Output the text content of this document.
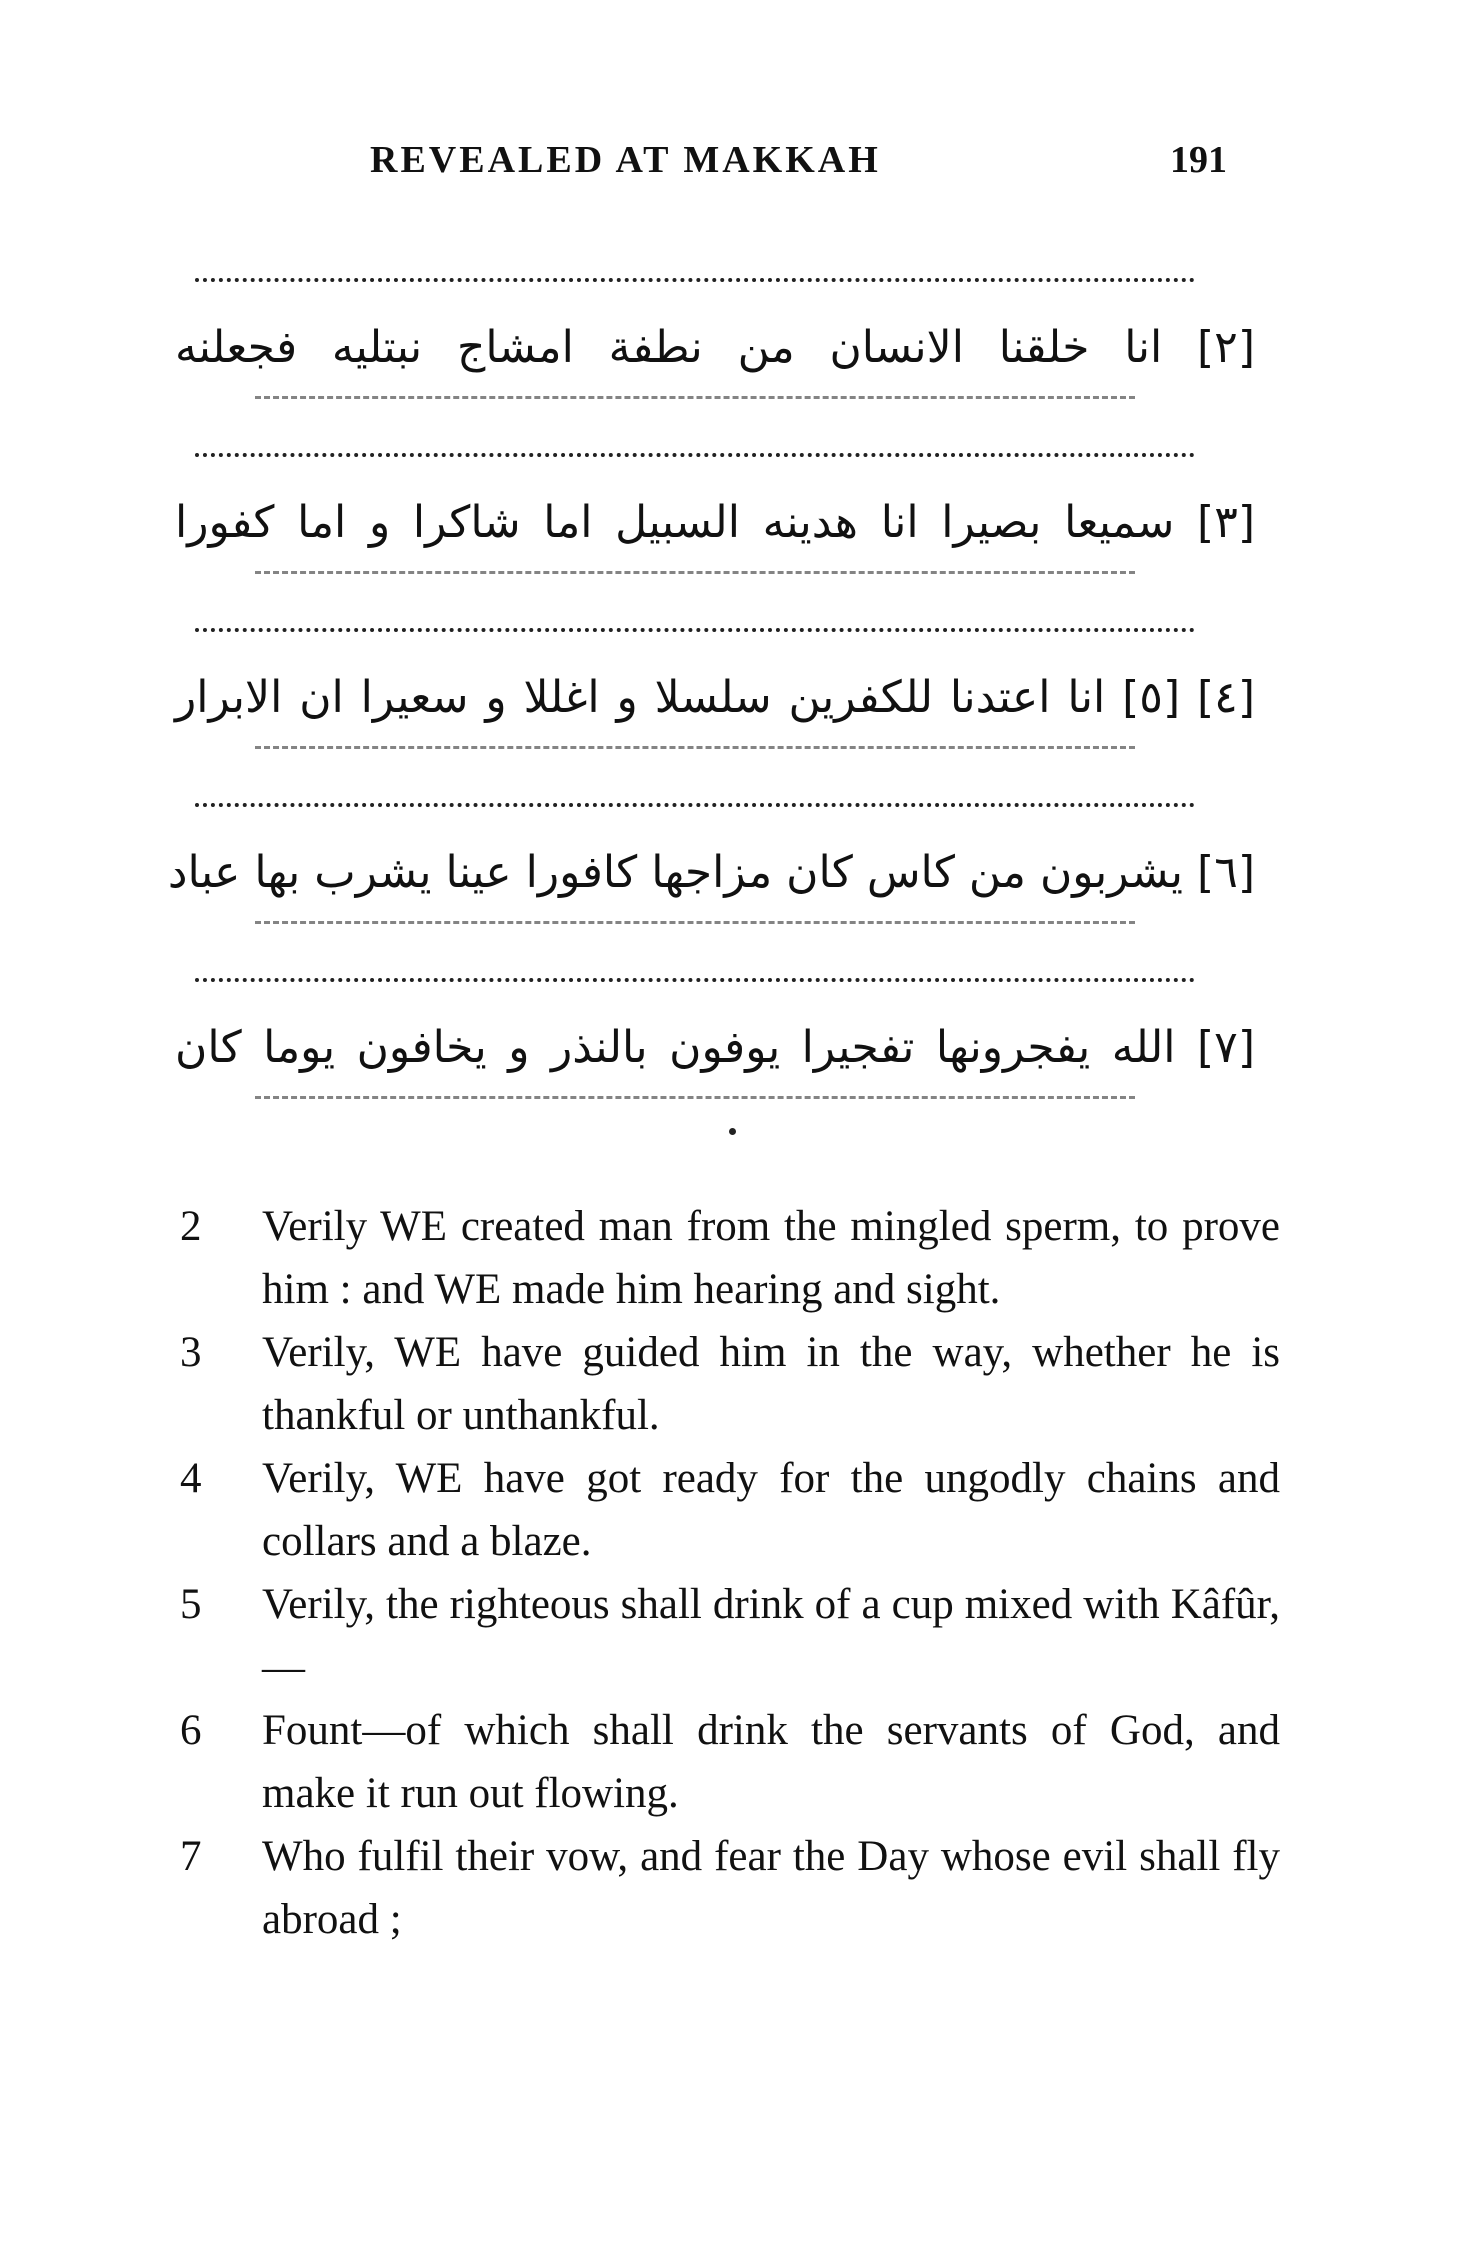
REVEALED AT MAKKAH	191
[٢] انا خلقنا الانسان من نطفة امشاج نبتليه فجعلنه
[٣] سميعا بصيرا انا هدينه السبيل اما شاكرا و اما كفورا
[٤] [٥] انا اعتدنا للكفرين سلسلا و اغللا و سعيرا ان الابرار
[٦] يشربون من كاس كان مزاجها كافورا عينا يشرب بها عباد
[٧] الله يفجرونها تفجيرا يوفون بالنذر و يخافون يوما كان
2 Verily WE created man from the mingled sperm, to prove him : and WE made him hearing and sight.
3 Verily, WE have guided him in the way, whether he is thankful or unthankful.
4 Verily, WE have got ready for the ungodly chains and collars and a blaze.
5 Verily, the righteous shall drink of a cup mixed with Kâfûr,—
6 Fount—of which shall drink the servants of God, and make it run out flowing.
7 Who fulfil their vow, and fear the Day whose evil shall fly abroad ;
